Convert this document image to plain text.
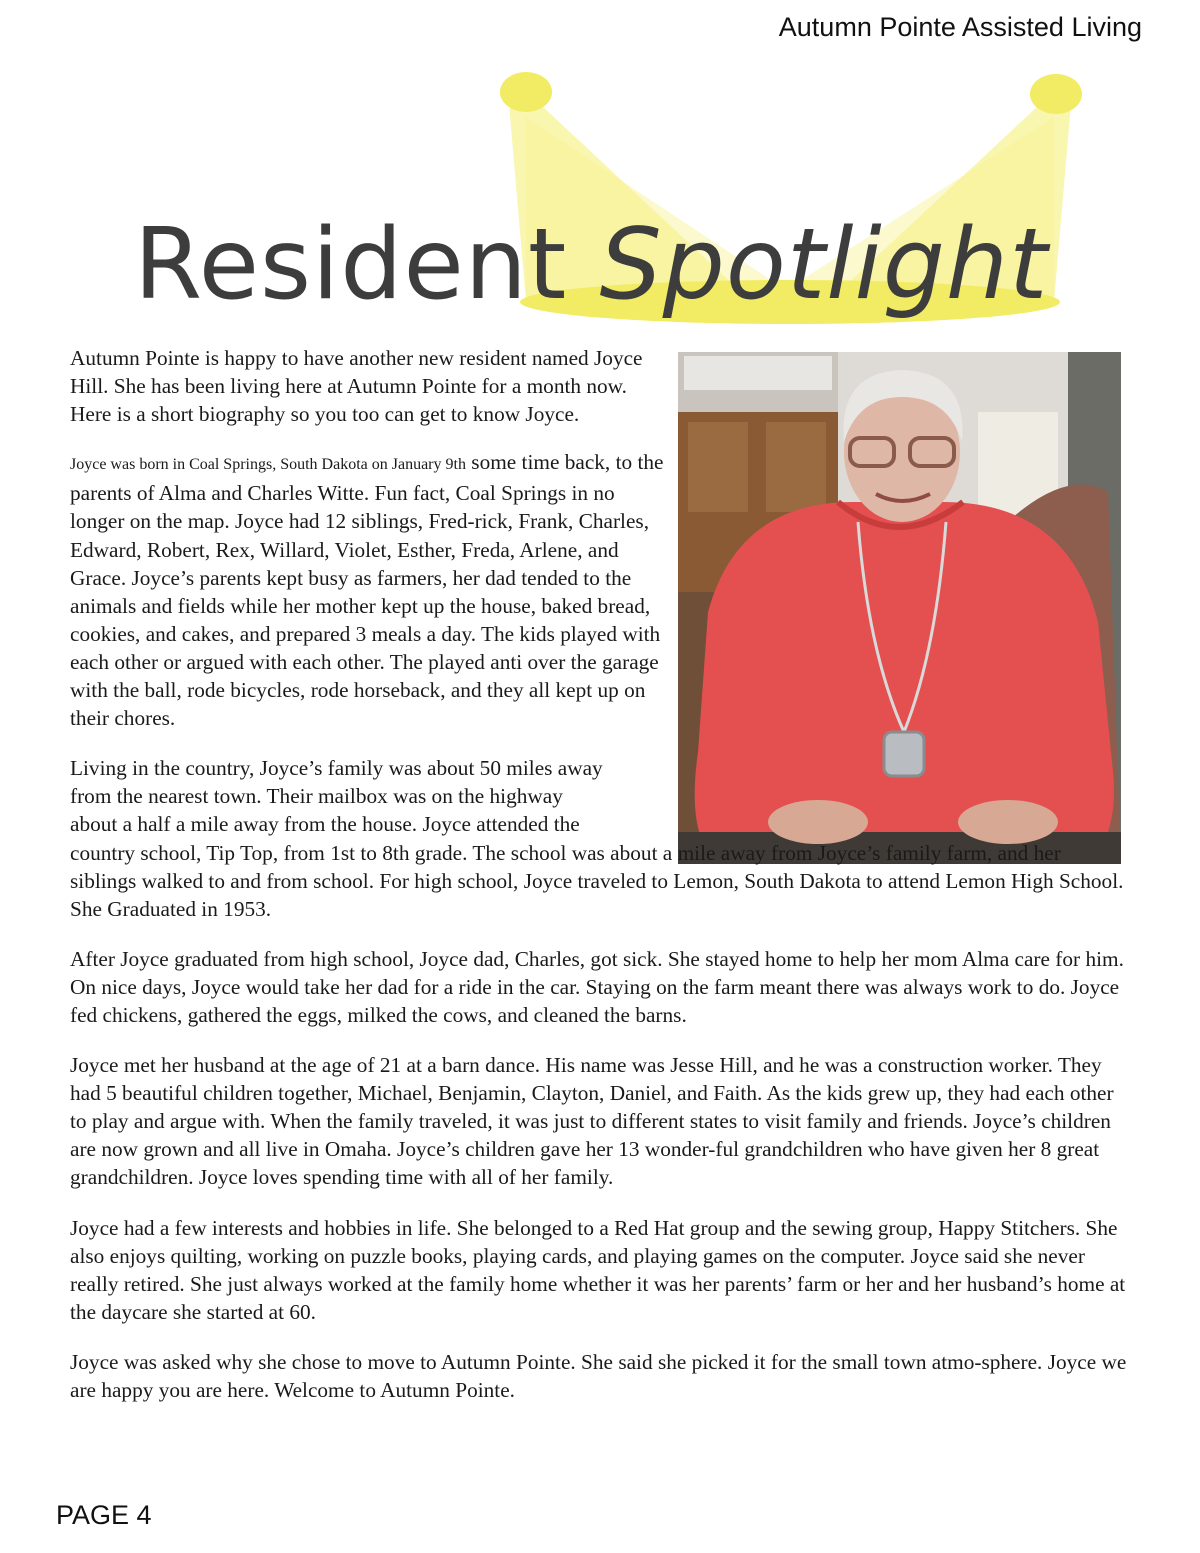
Autumn Pointe Assisted Living
Resident Spotlight

Autumn Pointe is happy to have another new resident named Joyce Hill. She has been living here at Autumn Pointe for a month now. Here is a short biography so you too can get to know Joyce.

Joyce was born in Coal Springs, South Dakota on January 9th some time back, to the parents of Alma and Charles Witte. Fun fact, Coal Springs in no longer on the map. Joyce had 12 siblings, Fred-rick, Frank, Charles, Edward, Robert, Rex, Willard, Violet, Esther, Freda, Arlene, and Grace. Joyce’s parents kept busy as farmers, her dad tended to the animals and fields while her mother kept up the house, baked bread, cookies, and cakes, and prepared 3 meals a day. The kids played with each other or argued with each other. The played anti over the garage with the ball, rode bicycles, rode horseback, and they all kept up on their chores.

Living in the country, Joyce’s family was about 50 miles away
from the nearest town. Their mailbox was on the highway
about a half a mile away from the house. Joyce attended the
country school, Tip Top, from 1st to 8th grade. The school was about a mile away from Joyce’s family farm, and her siblings walked to and from school. For high school, Joyce traveled to Lemon, South Dakota to attend Lemon High School. She Graduated in 1953.

After Joyce graduated from high school, Joyce dad, Charles, got sick. She stayed home to help her mom Alma care for him. On nice days, Joyce would take her dad for a ride in the car. Staying on the farm meant there was always work to do. Joyce fed chickens, gathered the eggs, milked the cows, and cleaned the barns.

Joyce met her husband at the age of 21 at a barn dance. His name was Jesse Hill, and he was a construction worker. They had 5 beautiful children together, Michael, Benjamin, Clayton, Daniel, and Faith. As the kids grew up, they had each other to play and argue with. When the family traveled, it was just to different states to visit family and friends. Joyce’s children are now grown and all live in Omaha. Joyce’s children gave her 13 wonder-ful grandchildren who have given her 8 great grandchildren. Joyce loves spending time with all of her family.

Joyce had a few interests and hobbies in life. She belonged to a Red Hat group and the sewing group, Happy Stitchers. She also enjoys quilting, working on puzzle books, playing cards, and playing games on the computer. Joyce said she never really retired. She just always worked at the family home whether it was her parents’ farm or her and her husband’s home at the daycare she started at 60.

Joyce was asked why she chose to move to Autumn Pointe. She said she picked it for the small town atmo-sphere. Joyce we are happy you are here. Welcome to Autumn Pointe.

PAGE 4
